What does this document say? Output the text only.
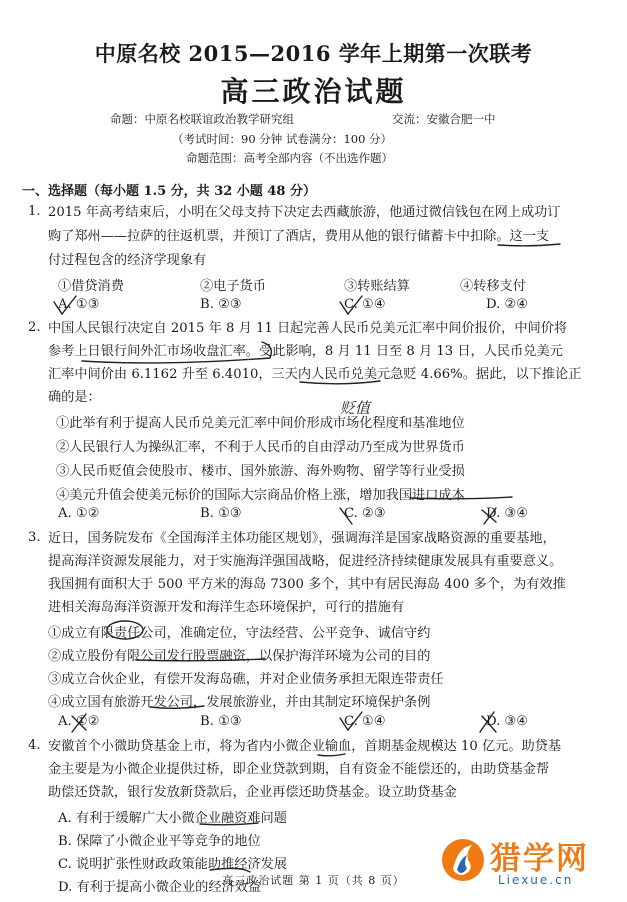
中原名校 2015—2016 学年上期第一次联考
高三政治试题
命题：中原名校联谊政治教学研究组	交流：安徽合肥一中
（考试时间：90 分钟 试卷满分：100 分）
命题范围：高考全部内容（不出选作题）
一、选择题（每小题 1.5 分，共 32 小题 48 分）
1. 2015 年高考结束后，小明在父母支持下决定去西藏旅游，他通过微信钱包在网上成功订
购了郑州——拉萨的往返机票，并预订了酒店，费用从他的银行储蓄卡中扣除。这一支
付过程包含的经济学现象有
①借贷消费	②电子货币	③转账结算	④转移支付
A. ①③	B. ②③	C. ①④	D. ②④
2. 中国人民银行决定自 2015 年 8 月 11 日起完善人民币兑美元汇率中间价报价，中间价将
参考上日银行间外汇市场收盘汇率。受此影响，8 月 11 日至 8 月 13 日，人民币兑美元
汇率中间价由 6.1162 升至 6.4010，三天内人民币兑美元急贬 4.66%。据此，以下推论正
确的是：
贬值
①此举有利于提高人民币兑美元汇率中间价形成市场化程度和基准地位
②人民银行人为操纵汇率，不利于人民币的自由浮动乃至成为世界货币
③人民币贬值会使股市、楼市、国外旅游、海外购物、留学等行业受损
④美元升值会使美元标价的国际大宗商品价格上涨，增加我国进口成本
A. ①②	B. ①③	C. ②③	D. ③④
3. 近日，国务院发布《全国海洋主体功能区规划》，强调海洋是国家战略资源的重要基地，
提高海洋资源发展能力，对于实施海洋强国战略，促进经济持续健康发展具有重要意义。
我国拥有面积大于 500 平方米的海岛 7300 多个，其中有居民海岛 400 多个，为有效推
进相关海岛海洋资源开发和海洋生态环境保护，可行的措施有
①成立有限责任公司，准确定位，守法经营、公平竞争、诚信守约
②成立股份有限公司发行股票融资，以保护海洋环境为公司的目的
③成立合伙企业，有偿开发海岛礁，并对企业债务承担无限连带责任
④成立国有旅游开发公司，发展旅游业，并由其制定环境保护条例
A. ①②	B. ①③	C. ①④	D. ③④
4. 安徽首个小微助贷基金上市，将为省内小微企业输血，首期基金规模达 10 亿元。助贷基
金主要是为小微企业提供过桥，即企业贷款到期，自有资金不能偿还的，由助贷基金帮
助偿还贷款，银行发放新贷款后，企业再偿还助贷基金。设立助贷基金
A. 有利于缓解广大小微企业融资难问题
B. 保障了小微企业平等竞争的地位
C. 说明扩张性财政政策能助推经济发展
D. 有利于提高小微企业的经济效益
高三政治试题 第 1 页（共 8 页）
猎学网
Liexue.cn
